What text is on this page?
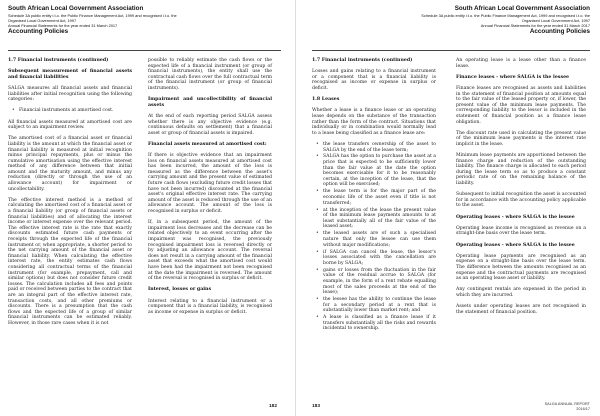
South African Local Government Association
Schedule 3A public entity i.t.o. the Public Finance Management Act, 1999 and recognised i.t.o. the
Organised Local Government Act, 1997
Annual Financial Statements for the year ended 31 March 2017
Accounting Policies
1.7 Financial instruments (continued)
Subsequent measurement of financial assets and financial liabilities

SALGA measures all financial assets and financial liabilities after initial recognition using the following categories:

• Financial instruments at amortised cost.

All financial assets measured at amortised cost are subject to an impairment review.

The amortised cost of a financial asset or financial liability is the amount at which the financial asset or financial liability is measured at initial recognition minus principal repayments, plus or minus the cumulative amortisation using the effective interest method of any difference between that initial amount and the maturity amount, and minus any reduction (directly or through the use of an allowance account) for impairment or uncollectability.

The effective interest method is a method of calculating the amortised cost of a financial asset or a financial liability (or group of financial assets or financial liabilities) and of allocating the interest income or interest expense over the relevant period. The effective interest rate is the rate that exactly discounts estimated future cash payments or receipts through the expected life of the financial instrument or, when appropriate, a shorter period to the net carrying amount of the financial asset or financial liability. When calculating the effective interest rate, the entity estimates cash flows considering all contractual terms of the financial instrument (for example, prepayment, call and similar options) but does not consider future credit losses. The calculation includes all fees and points paid or received between parties to the contract that are an integral part of the effective interest rate, transaction costs, and all other premiums or discounts. There is a presumption that the cash flows and the expected life of a group of similar financial instruments can be estimated reliably. However, in those rare cases when it is not

possible to reliably estimate the cash flows or the expected life of a financial instrument (or group of financial instruments), the entity shall use the contractual cash flows over the full contractual term of the financial instrument (or group of financial instruments).

Impairment and uncollectibility of financial assets

At the end of each reporting period SALGA assess whether there is any objective evidence (e.g. continuous defaults on settlement) that a financial asset or group of financial assets is impaired.

Financial assets measured at amortised cost:

If there is objective evidence that an impairment loss on financial assets measured at amortised cost has been incurred, the amount of the loss is measured as the difference between the asset's carrying amount and the present value of estimated future cash flows (excluding future credit losses that have not been incurred) discounted at the financial asset's original effective interest rate. The carrying amount of the asset is reduced through the use of an allowance account. The amount of the loss is recognised in surplus or deficit.

If, in a subsequent period, the amount of the impairment loss decreases and the decrease can be related objectively to an event occurring after the impairment was recognised, the previously recognised impairment loss is reversed directly or by adjusting an allowance account. The reversal does not result in a carrying amount of the financial asset that exceeds what the amortised cost would have been had the impairment not been recognised at the date the impairment is reversed. The amount of the reversal is recognised in surplus or deficit.

Interest, losses or gains

Interest relating to a financial instrument or a component that is a financial liability, is recognised as income or expense in surplus or deficit.

182
South African Local Government Association
Schedule 3A public entity i.t.o. the Public Finance Management Act, 1999 and recognised i.t.o. the
Organised Local Government Act, 1997
Annual Financial Statements for the year ended 31 March 2017
Accounting Policies
1.7 Financial instruments (continued)

Losses and gains relating to a financial instrument or a component that is a financial liability is recognised as income or expense in surplus or deficit.

1.8 Leases

Whether a lease is a finance lease or an operating lease depends on the substance of the transaction rather than the form of the contract. Situations that individually or in combination would normally lead to a lease being classified as a finance lease are:

• the lease transfers ownership of the asset to SALGA by the end of the lease term;
• SALGA has the option to purchase the asset at a price that is expected to be sufficiently lower than the fair value at the date the option becomes exercisable for it to be reasonably certain, at the inception of the lease, that the option will be exercised;
• the lease term is for the major part of the economic life of the asset even if title is not transferred;
• at the inception of the lease the present value of the minimum lease payments amounts to at least substantially all of the fair value of the leased asset;
• the leased assets are of such a specialised nature that only the lessee can use them without major modifications;
• if SALGA can cancel the lease, the lessor's losses associated with the cancellation are borne by SALGA;
• gains or losses from the fluctuation in the fair value of the residual accrue to SALGA (for example, in the form of a rent rebate equalling most of the sales proceeds at the end of the lease);
• the lessee has the ability to continue the lease for a secondary period at a rent that is substantially lower than market rent; and
• A lease is classified as a finance lease if it transfers substantially all the risks and rewards incidental to ownership.

An operating lease is a lease other than a finance lease.

Finance leases - where SALGA is the lessee

Finance leases are recognised as assets and liabilities in the statement of financial position at amounts equal to the fair value of the leased property or, if lower, the present value of the minimum lease payments. The corresponding liability to the lessor is included in the statement of financial position as a finance lease obligation.

The discount rate used in calculating the present value of the minimum lease payments is the interest rate implicit in the lease.

Minimum lease payments are apportioned between the finance charge and reduction of the outstanding liability. The finance charge is allocated to each period during the lease term so as to produce a constant periodic rate of on the remaining balance of the liability.

Subsequent to initial recognition the asset is accounted for in accordance with the accounting policy applicable to the asset.

Operating leases - where SALGA is the lessee

Operating lease income is recognised as revenue on a straight-line basis over the lease term.

Operating leases - where SALGA is the lessee

Operating lease payments are recognised as an expense on a straight-line basis over the lease term. The difference between the amounts recognised as an expense and the contractual payments are recognised as an operating lease asset or liability.

Any contingent rentals are expensed in the period in which they are incurred.

Assets under operating leases are not recognised in the statement of financial position.

183	SALGA ANNUAL REPORT
2016/17
